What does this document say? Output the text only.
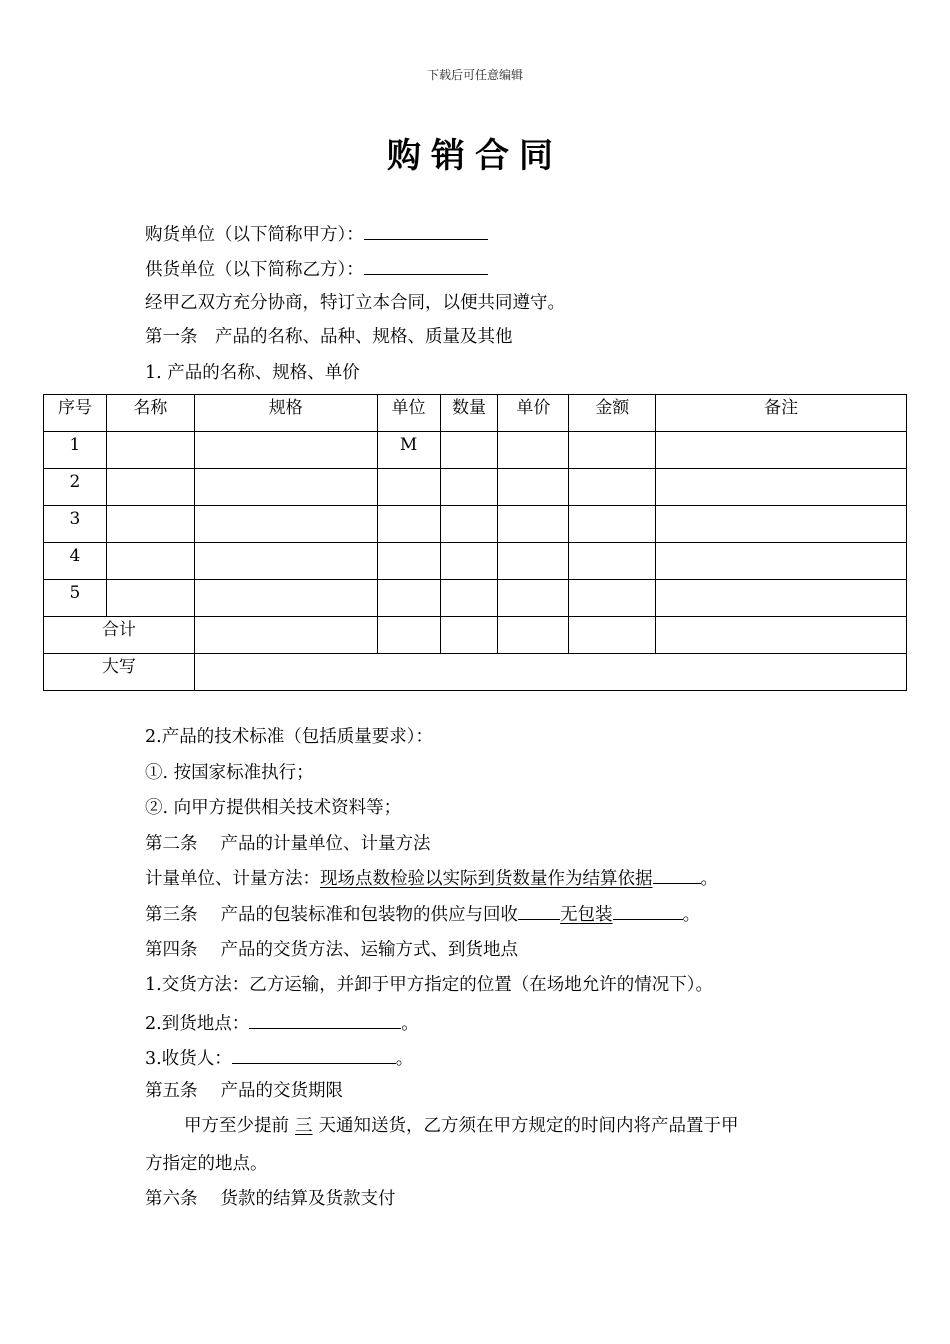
下载后可任意编辑
购销合同
购货单位（以下简称甲方）：
供货单位（以下简称乙方）：
经甲乙双方充分协商，特订立本合同，以便共同遵守。
第一条　产品的名称、品种、规格、质量及其他
1. 产品的名称、规格、单价
序号	名称	规格	单位	数量	单价	金额	备注
1			M				
2							
3							
4							
5							
合计							
大写							
2.产品的技术标准（包括质量要求）：
①. 按国家标准执行；
②. 向甲方提供相关技术资料等；
第二条　 产品的计量单位、计量方法
计量单位、计量方法：现场点数检验以实际到货数量作为结算依据	。
第三条　 产品的包装标准和包装物的供应与回收 无包装	。
第四条　 产品的交货方法、运输方式、到货地点
1.交货方法：乙方运输，并卸于甲方指定的位置（在场地允许的情况下）。
2.到货地点：	。
3.收货人：	。
第五条　 产品的交货期限
甲方至少提前 三 天通知送货，乙方须在甲方规定的时间内将产品置于甲
方指定的地点。
第六条　 货款的结算及货款支付
